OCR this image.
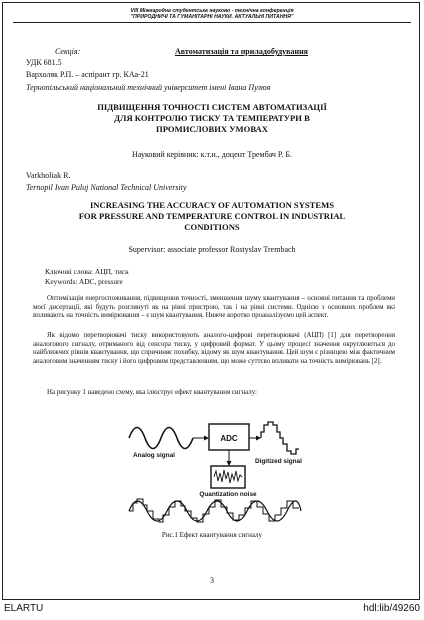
VIII Міжнародна студентська науково - технічна конференція
"ПРИРОДНИЧІ ТА ГУМАНІТАРНІ НАУКИ. АКТУАЛЬНІ ПИТАННЯ"
Секція:	Автоматизація та приладобудування
УДК 681.5
Вархоляк Р.П. – аспірант гр. КАа-21
Тернопільський національний технічний університет імені Івана Пулюя
ПІДВИЩЕННЯ ТОЧНОСТІ СИСТЕМ АВТОМАТИЗАЦІЇ
ДЛЯ КОНТРОЛЮ ТИСКУ ТА ТЕМПЕРАТУРИ В
ПРОМИСЛОВИХ УМОВАХ
Науковий керівник: к.т.н., доцент Трембач Р. Б.
Varkholiak R.
Ternopil Ivan Puluj National Technical University
INCREASING THE ACCURACY OF AUTOMATION SYSTEMS
FOR PRESSURE AND TEMPERATURE CONTROL IN INDUSTRIAL
CONDITIONS
Supervisor: associate professor Rostyslav Trembach
Ключові слова: АЦП, тиск
Keywords: ADC, pressure
Оптимізація енергоспоживання, підвищення точності, зменшення шуму квантування – основні питання та проблеми моєї дисертації, які будуть розглянуті як на рівні пристрою, так і на рівні системи. Однією з основних проблем які впливають на точність вимірювання – є шум квантування. Нижче коротко проаналізуємо цей аспект.
Як відомо перетворювачі тиску використовують аналого-цифрові перетворювачі (АЦП) [1] для перетворення аналогового сигналу, отриманого від сенсора тиску, у цифровий формат. У цьому процесі значення округлюються до найближчих рівнів квантування, що спричиняє похибку, відому як шум квантування. Цей шум є різницею між фактичним аналоговим значенням тиску і його цифровим представленням, що може суттєво впливати на точність вимірювань [2].
На рисунку 1 наведено схему, яка ілюструє ефект квантування сигналу:
ADC
Analog signal
Digitized signal
Quantization noise
Рис.1 Ефект квантування сигналу
3
ELARTU	hdl:lib/49260
